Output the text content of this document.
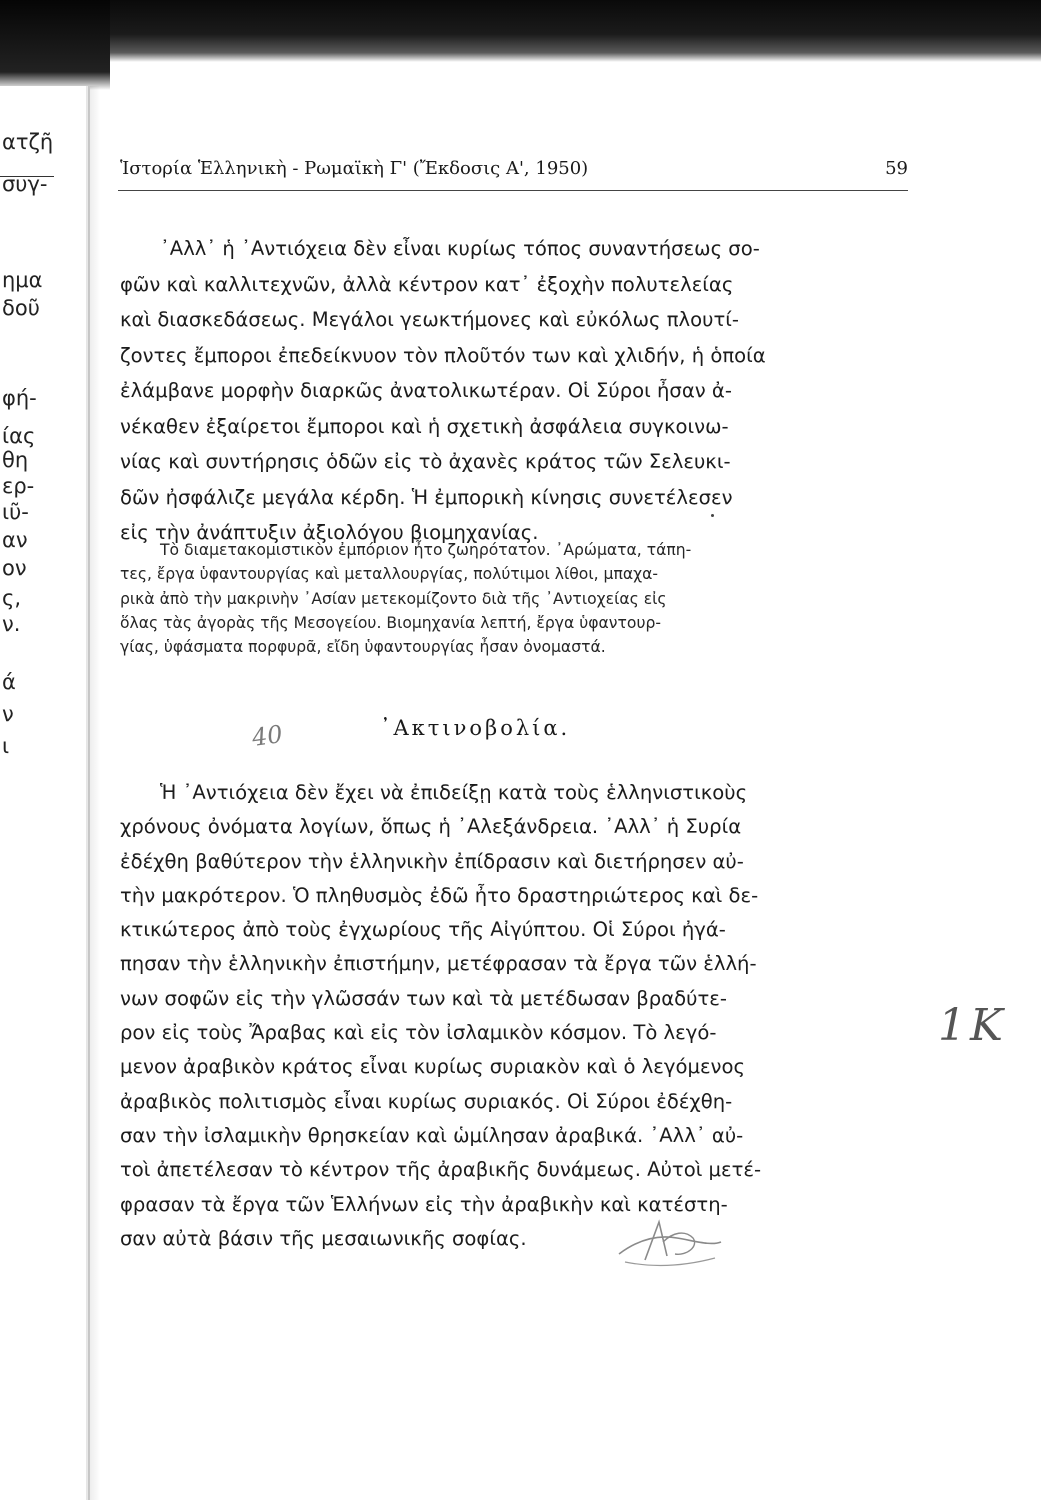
ατζῆ
συγ-
ημα
δοῦ
φή-
ίας
θη
ερ-
ιῦ-
αν
ον
ς,
ν.
ά
ν
ι
Ἱστορία Ἑλληνικὴ - Ρωμαϊκὴ Γ' (Ἔκδοσις Α', 1950)	59
᾿Αλλ᾿ ἡ ᾿Αντιόχεια δὲν εἶναι κυρίως τόπος συναντήσεως σο-
φῶν καὶ καλλιτεχνῶν, ἀλλὰ κέντρον κατ᾿ ἐξοχὴν πολυτελείας
καὶ διασκεδάσεως. Μεγάλοι γεωκτήμονες καὶ εὐκόλως πλουτί-
ζοντες ἔμποροι ἐπεδείκνυον τὸν πλοῦτόν των καὶ χλιδήν, ἡ ὁποία
ἐλάμβανε μορφὴν διαρκῶς ἀνατολικωτέραν. Οἱ Σύροι ἦσαν ἀ-
νέκαθεν ἐξαίρετοι ἔμποροι καὶ ἡ σχετικὴ ἀσφάλεια συγκοινω-
νίας καὶ συντήρησις ὁδῶν εἰς τὸ ἀχανὲς κράτος τῶν Σελευκι-
δῶν ἠσφάλιζε μεγάλα κέρδη. Ἡ ἐμπορικὴ κίνησις συνετέλεσεν
εἰς τὴν ἀνάπτυξιν ἀξιολόγου βιομηχανίας.
Τὸ διαμετακομιστικὸν ἐμπόριον ἦτο ζωηρότατον. ᾿Αρώματα, τάπη-
τες, ἔργα ὑφαντουργίας καὶ μεταλλουργίας, πολύτιμοι λίθοι, μπαχα-
ρικὰ ἀπὸ τὴν μακρινὴν ᾿Ασίαν μετεκομίζοντο διὰ τῆς ᾿Αντιοχείας εἰς
ὅλας τὰς ἀγορὰς τῆς Μεσογείου. Βιομηχανία λεπτή, ἔργα ὑφαντουρ-
γίας, ὑφάσματα πορφυρᾶ, εἴδη ὑφαντουργίας ἦσαν ὀνομαστά.
40	᾿Ακτινοβολία.
Ἡ ᾿Αντιόχεια δὲν ἔχει νὰ ἐπιδείξῃ κατὰ τοὺς ἑλληνιστικοὺς
χρόνους ὀνόματα λογίων, ὅπως ἡ ᾿Αλεξάνδρεια. ᾿Αλλ᾿ ἡ Συρία
ἐδέχθη βαθύτερον τὴν ἑλληνικὴν ἐπίδρασιν καὶ διετήρησεν αὐ-
τὴν μακρότερον. Ὁ πληθυσμὸς ἐδῶ ἦτο δραστηριώτερος καὶ δε-
κτικώτερος ἀπὸ τοὺς ἐγχωρίους τῆς Αἰγύπτου. Οἱ Σύροι ἠγά-
πησαν τὴν ἑλληνικὴν ἐπιστήμην, μετέφρασαν τὰ ἔργα τῶν ἑλλή-
νων σοφῶν εἰς τὴν γλῶσσάν των καὶ τὰ μετέδωσαν βραδύτε-
ρον εἰς τοὺς Ἄραβας καὶ εἰς τὸν ἰσλαμικὸν κόσμον. Τὸ λεγό-
μενον ἀραβικὸν κράτος εἶναι κυρίως συριακὸν καὶ ὁ λεγόμενος
ἀραβικὸς πολιτισμὸς εἶναι κυρίως συριακός. Οἱ Σύροι ἐδέχθη-
σαν τὴν ἰσλαμικὴν θρησκείαν καὶ ὡμίλησαν ἀραβικά. ᾿Αλλ᾿ αὐ-
τοὶ ἀπετέλεσαν τὸ κέντρον τῆς ἀραβικῆς δυνάμεως. Αὐτοὶ μετέ-
φρασαν τὰ ἔργα τῶν Ἑλλήνων εἰς τὴν ἀραβικὴν καὶ κατέστη-
σαν αὐτὰ βάσιν τῆς μεσαιωνικῆς σοφίας.
1K
